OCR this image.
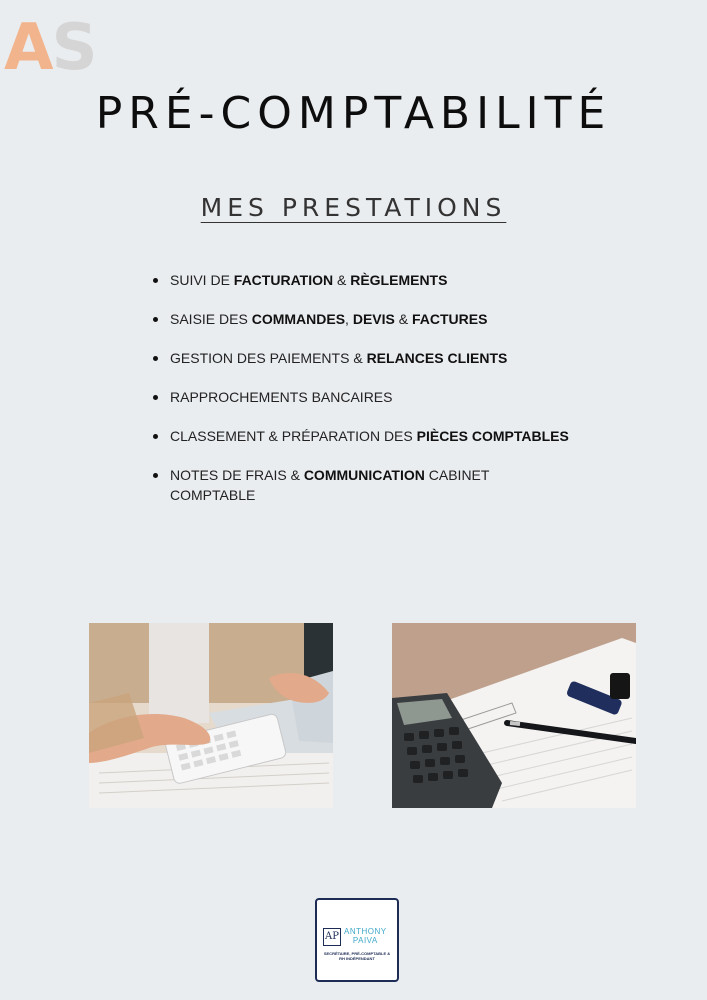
AS
PRÉ-COMPTABILITÉ
MES PRESTATIONS
SUIVI DE FACTURATION & RÈGLEMENTS
SAISIE DES COMMANDES, DEVIS & FACTURES
GESTION DES PAIEMENTS & RELANCES CLIENTS
RAPPROCHEMENTS BANCAIRES
CLASSEMENT & PRÉPARATION DES PIÈCES COMPTABLES
NOTES DE FRAIS & COMMUNICATION CABINET COMPTABLE
AP ANTHONY
PAIVA
SECRÉTAIRE, PRÉ-COMPTABLE & RH INDÉPENDANT
